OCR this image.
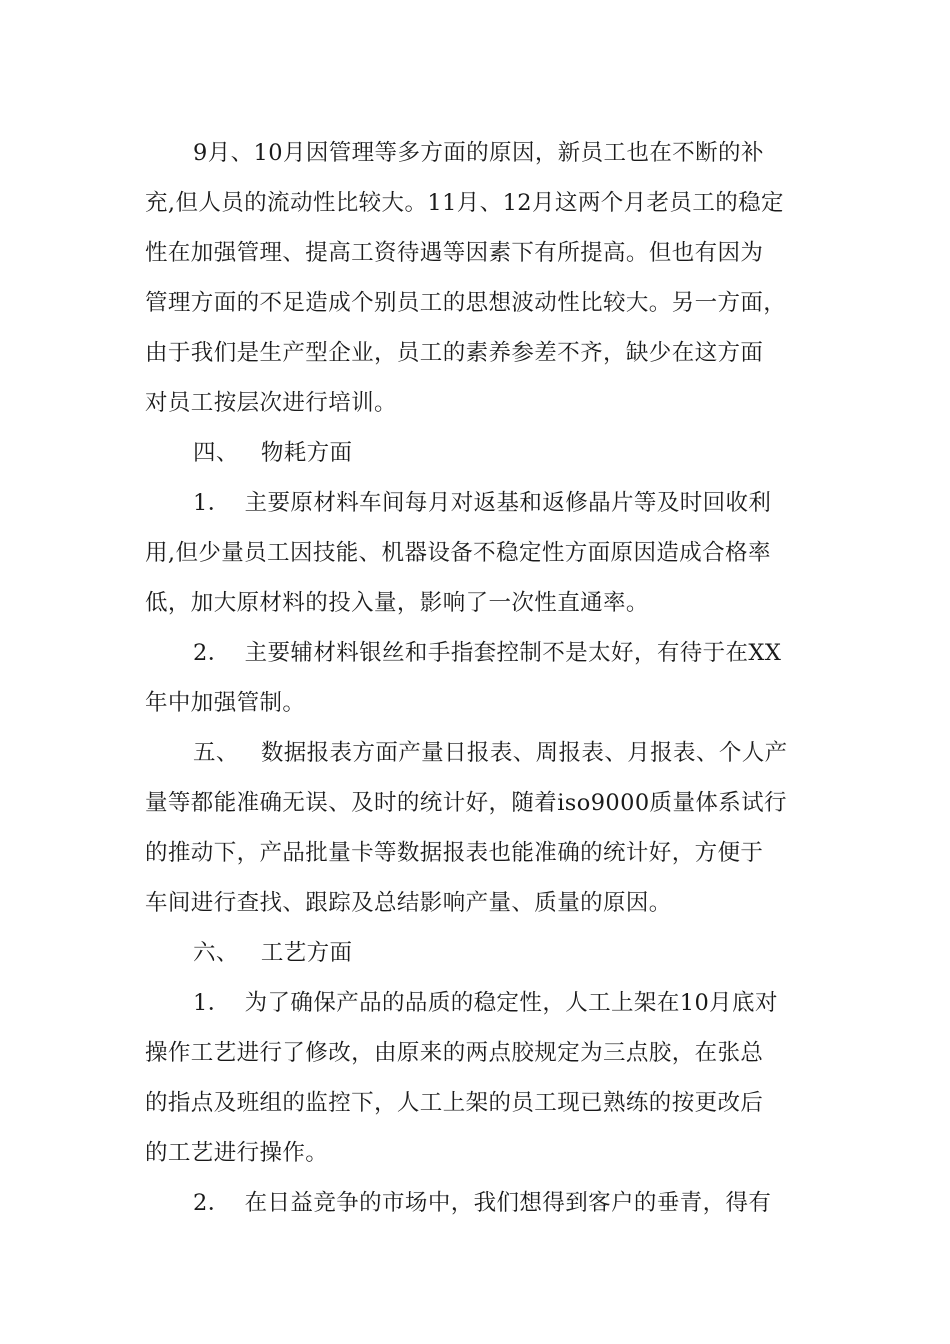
9月、10月因管理等多方面的原因，新员工也在不断的补
充,但人员的流动性比较大。11月、12月这两个月老员工的稳定
性在加强管理、提高工资待遇等因素下有所提高。但也有因为
管理方面的不足造成个别员工的思想波动性比较大。另一方面，
由于我们是生产型企业，员工的素养参差不齐，缺少在这方面
对员工按层次进行培训。
四、 物耗方面
1． 主要原材料车间每月对返基和返修晶片等及时回收利
用,但少量员工因技能、机器设备不稳定性方面原因造成合格率
低，加大原材料的投入量，影响了一次性直通率。
2． 主要辅材料银丝和手指套控制不是太好，有待于在XX
年中加强管制。
五、 数据报表方面产量日报表、周报表、月报表、个人产
量等都能准确无误、及时的统计好，随着iso9000质量体系试行
的推动下，产品批量卡等数据报表也能准确的统计好，方便于
车间进行查找、跟踪及总结影响产量、质量的原因。
六、 工艺方面
1． 为了确保产品的品质的稳定性，人工上架在10月底对
操作工艺进行了修改，由原来的两点胶规定为三点胶，在张总
的指点及班组的监控下，人工上架的员工现已熟练的按更改后
的工艺进行操作。
2． 在日益竞争的市场中，我们想得到客户的垂青，得有
